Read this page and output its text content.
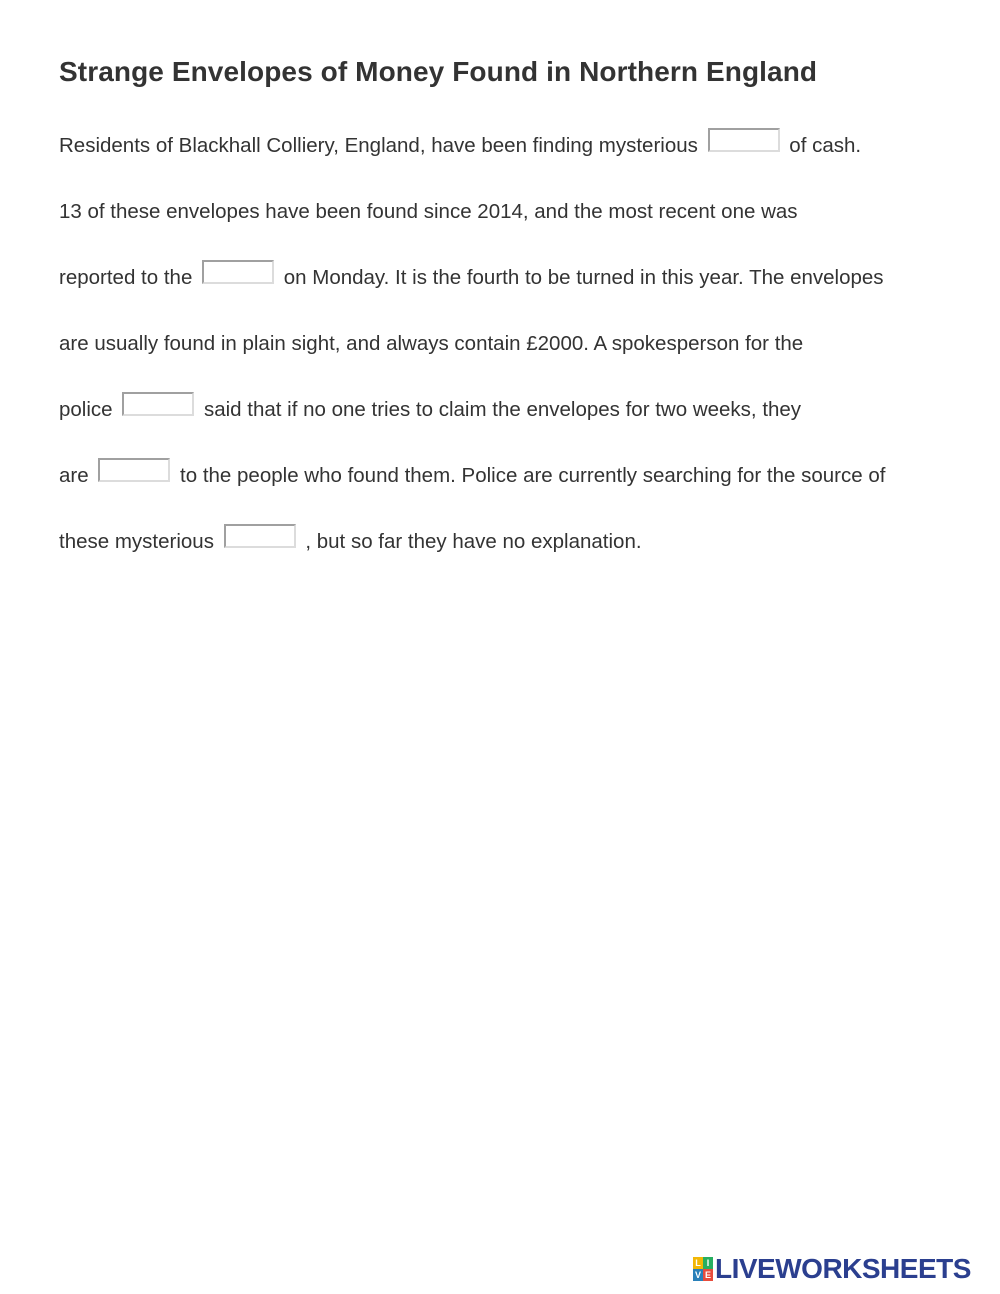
Strange Envelopes of Money Found in Northern England
Residents of Blackhall Colliery, England, have been finding mysterious	of cash.
13 of these envelopes have been found since 2014, and the most recent one was
reported to the	on Monday. It is the fourth to be turned in this year. The envelopes
are usually found in plain sight, and always contain £2000. A spokesperson for the
police	said that if no one tries to claim the envelopes for two weeks, they
are	to the people who found them. Police are currently searching for the source of
these mysterious	, but so far they have no explanation.
L I
V E LIVEWORKSHEETS
